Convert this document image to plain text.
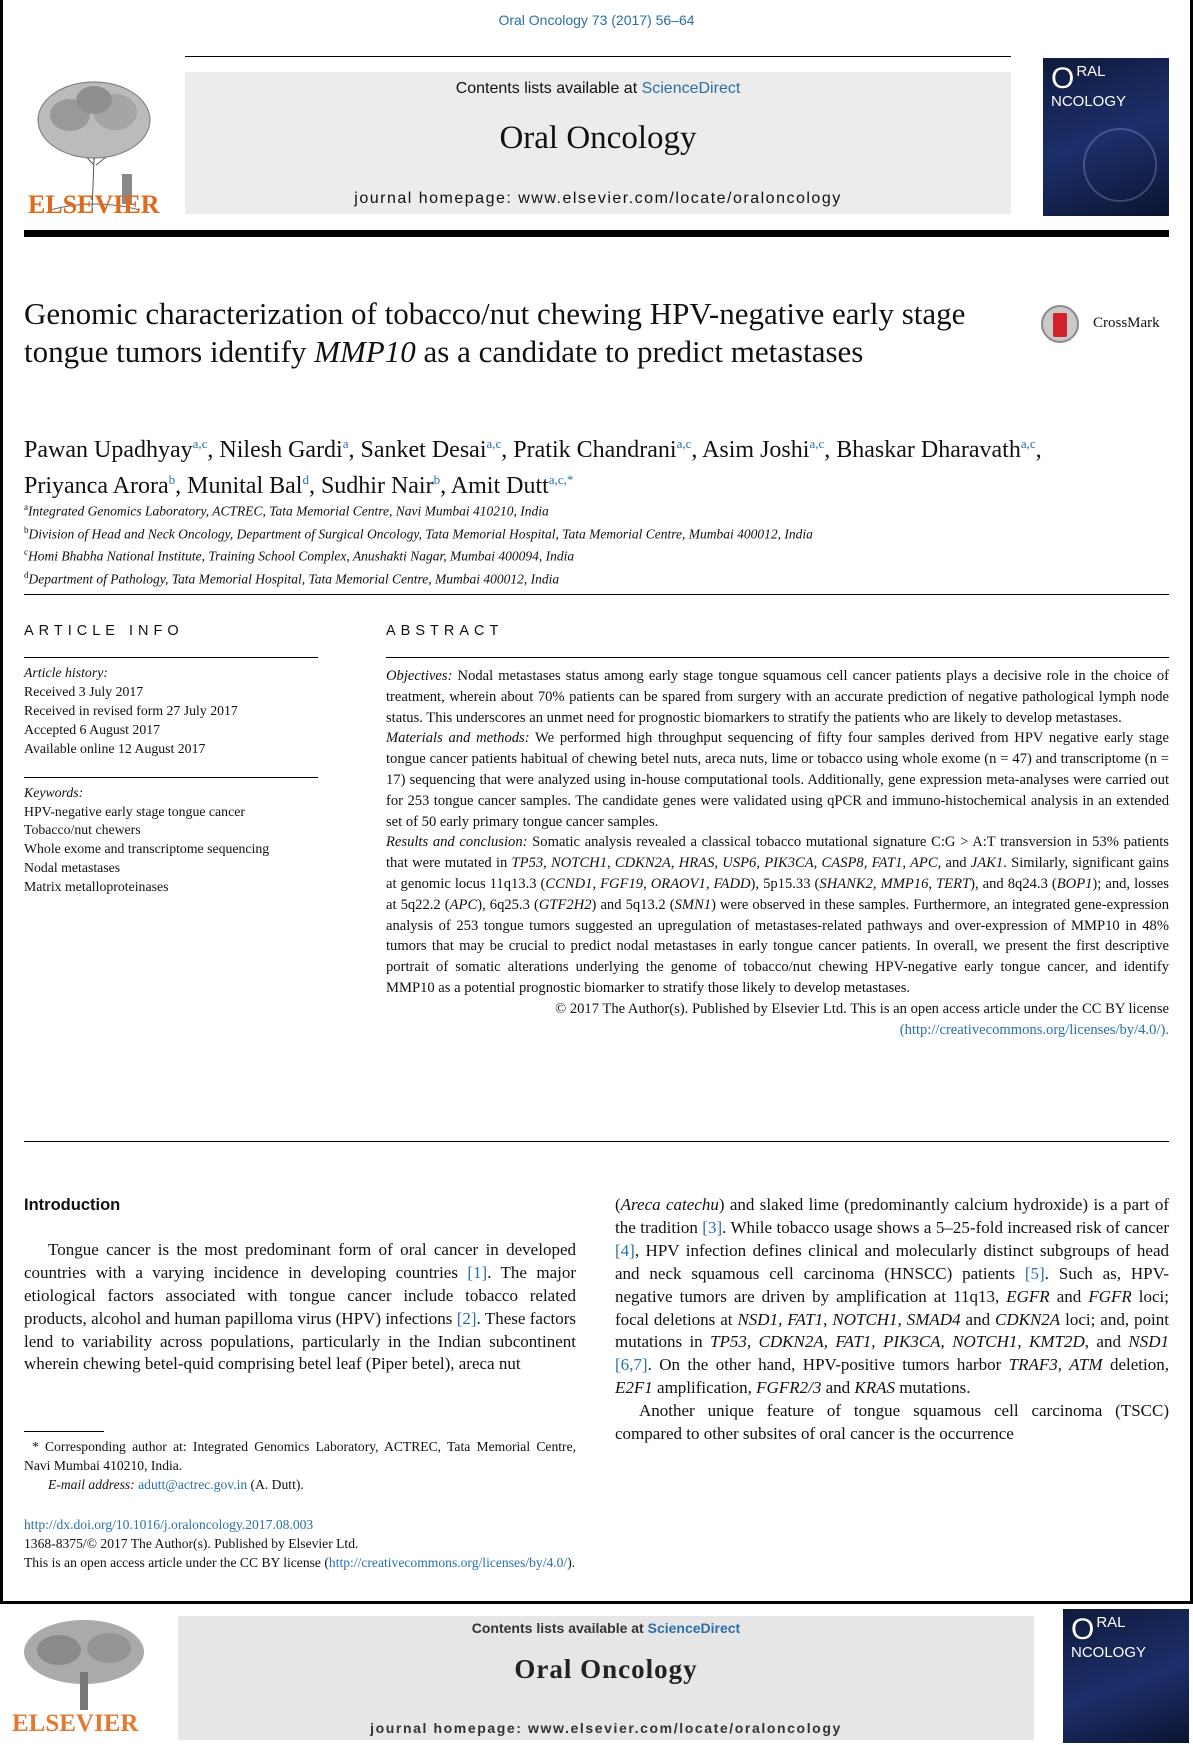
Oral Oncology 73 (2017) 56–64
ELSEVIER
Contents lists available at ScienceDirect
Oral Oncology
journal homepage: www.elsevier.com/locate/oraloncology
ORAL
NCOLOGY
Genomic characterization of tobacco/nut chewing HPV-negative early stage tongue tumors identify MMP10 as a candidate to predict metastases
CrossMark
Pawan Upadhyay$^{a,c}$, Nilesh Gardi$^a$, Sanket Desai$^{a,c}$, Pratik Chandrani$^{a,c}$, Asim Joshi$^{a,c}$, Bhaskar Dharavath$^{a,c}$,
Priyanca Arora$^b$, Munital Bal$^d$, Sudhir Nair$^b$, Amit Dutt$^{a,c,*}$
$^a$Integrated Genomics Laboratory, ACTREC, Tata Memorial Centre, Navi Mumbai 410210, India
$^b$Division of Head and Neck Oncology, Department of Surgical Oncology, Tata Memorial Hospital, Tata Memorial Centre, Mumbai 400012, India
$^c$Homi Bhabha National Institute, Training School Complex, Anushakti Nagar, Mumbai 400094, India
$^d$Department of Pathology, Tata Memorial Hospital, Tata Memorial Centre, Mumbai 400012, India
ARTICLE INFO	ABSTRACT
Article history:
Received 3 July 2017
Received in revised form 27 July 2017
Accepted 6 August 2017
Available online 12 August 2017
Keywords:
HPV-negative early stage tongue cancer
Tobacco/nut chewers
Whole exome and transcriptome sequencing
Nodal metastases
Matrix metalloproteinases

Objectives: Nodal metastases status among early stage tongue squamous cell cancer patients plays a decisive role in the choice of treatment, wherein about 70% patients can be spared from surgery with an accurate prediction of negative pathological lymph node status. This underscores an unmet need for prognostic biomarkers to stratify the patients who are likely to develop metastases.

Materials and methods: We performed high throughput sequencing of fifty four samples derived from HPV negative early stage tongue cancer patients habitual of chewing betel nuts, areca nuts, lime or tobacco using whole exome (n = 47) and transcriptome (n = 17) sequencing that were analyzed using in-house computational tools. Additionally, gene expression meta-analyses were carried out for 253 tongue cancer samples. The candidate genes were validated using qPCR and immuno-histochemical analysis in an extended set of 50 early primary tongue cancer samples.

Results and conclusion: Somatic analysis revealed a classical tobacco mutational signature C:G > A:T transversion in 53% patients that were mutated in TP53, NOTCH1, CDKN2A, HRAS, USP6, PIK3CA, CASP8, FAT1, APC, and JAK1. Similarly, significant gains at genomic locus 11q13.3 (CCND1, FGF19, ORAOV1, FADD), 5p15.33 (SHANK2, MMP16, TERT), and 8q24.3 (BOP1); and, losses at 5q22.2 (APC), 6q25.3 (GTF2H2) and 5q13.2 (SMN1) were observed in these samples. Furthermore, an integrated gene-expression analysis of 253 tongue tumors suggested an upregulation of metastases-related pathways and over-expression of MMP10 in 48% tumors that may be crucial to predict nodal metastases in early tongue cancer patients. In overall, we present the first descriptive portrait of somatic alterations underlying the genome of tobacco/nut chewing HPV-negative early tongue cancer, and identify MMP10 as a potential prognostic biomarker to stratify those likely to develop metastases.

© 2017 The Author(s). Published by Elsevier Ltd. This is an open access article under the CC BY license
(http://creativecommons.org/licenses/by/4.0/).

Introduction

Tongue cancer is the most predominant form of oral cancer in developed countries with a varying incidence in developing countries [1]. The major etiological factors associated with tongue cancer include tobacco related products, alcohol and human papilloma virus (HPV) infections [2]. These factors lend to variability across populations, particularly in the Indian subcontinent wherein chewing betel-quid comprising betel leaf (Piper betel), areca nut

(Areca catechu) and slaked lime (predominantly calcium hydroxide) is a part of the tradition [3]. While tobacco usage shows a 5–25-fold increased risk of cancer [4], HPV infection defines clinical and molecularly distinct subgroups of head and neck squamous cell carcinoma (HNSCC) patients [5]. Such as, HPV-negative tumors are driven by amplification at 11q13, EGFR and FGFR loci; focal deletions at NSD1, FAT1, NOTCH1, SMAD4 and CDKN2A loci; and, point mutations in TP53, CDKN2A, FAT1, PIK3CA, NOTCH1, KMT2D, and NSD1 [6,7]. On the other hand, HPV-positive tumors harbor TRAF3, ATM deletion, E2F1 amplification, FGFR2/3 and KRAS mutations.

Another unique feature of tongue squamous cell carcinoma (TSCC) compared to other subsites of oral cancer is the occurrence

* Corresponding author at: Integrated Genomics Laboratory, ACTREC, Tata Memorial Centre, Navi Mumbai 410210, India.

E-mail address: adutt@actrec.gov.in (A. Dutt).

http://dx.doi.org/10.1016/j.oraloncology.2017.08.003
1368-8375/© 2017 The Author(s). Published by Elsevier Ltd.
This is an open access article under the CC BY license (http://creativecommons.org/licenses/by/4.0/).
ELSEVIER
Contents lists available at ScienceDirect
Oral Oncology
journal homepage: www.elsevier.com/locate/oraloncology
ORAL
NCOLOGY
